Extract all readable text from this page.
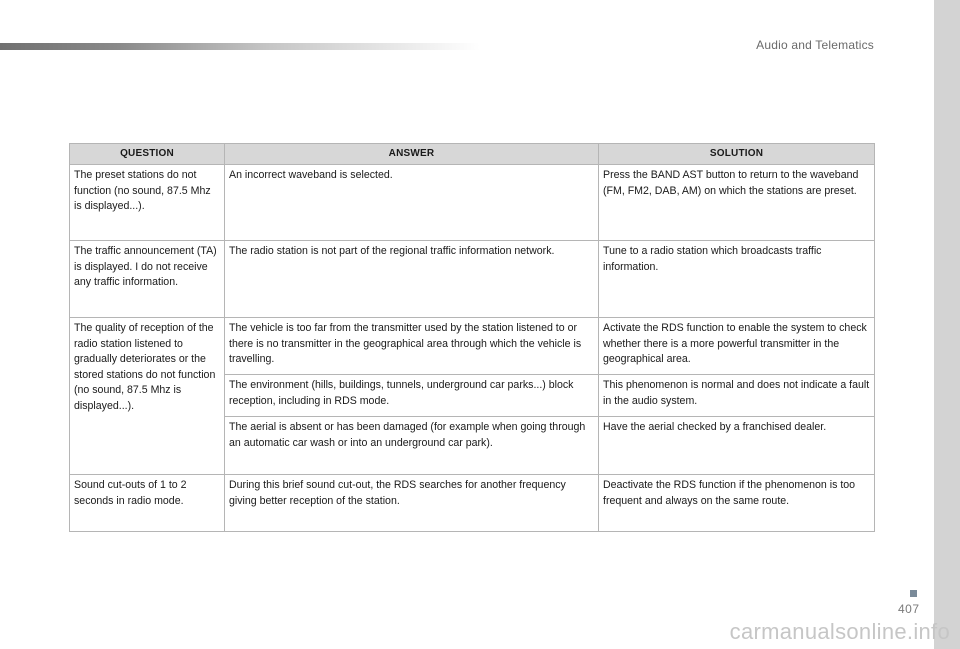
Audio and Telematics
QUESTION	ANSWER	SOLUTION
The preset stations do not function (no sound, 87.5 Mhz is displayed...).	An incorrect waveband is selected.	Press the BAND AST button to return to the waveband (FM, FM2, DAB, AM) on which the stations are preset.
The traffic announcement (TA) is displayed. I do not receive any traffic information.	The radio station is not part of the regional traffic information network.	Tune to a radio station which broadcasts traffic information.
The quality of reception of the radio station listened to gradually deteriorates or the stored stations do not function (no sound, 87.5 Mhz is displayed...).	The vehicle is too far from the transmitter used by the station listened to or there is no transmitter in the geographical area through which the vehicle is travelling.	Activate the RDS function to enable the system to check whether there is a more powerful transmitter in the geographical area.
	The environment (hills, buildings, tunnels, underground car parks...) block reception, including in RDS mode.	This phenomenon is normal and does not indicate a fault in the audio system.
	The aerial is absent or has been damaged (for example when going through an automatic car wash or into an underground car park).	Have the aerial checked by a franchised dealer.
Sound cut-outs of 1 to 2 seconds in radio mode.	During this brief sound cut-out, the RDS searches for another frequency giving better reception of the station.	Deactivate the RDS function if the phenomenon is too frequent and always on the same route.
407
carmanualsonline.info
